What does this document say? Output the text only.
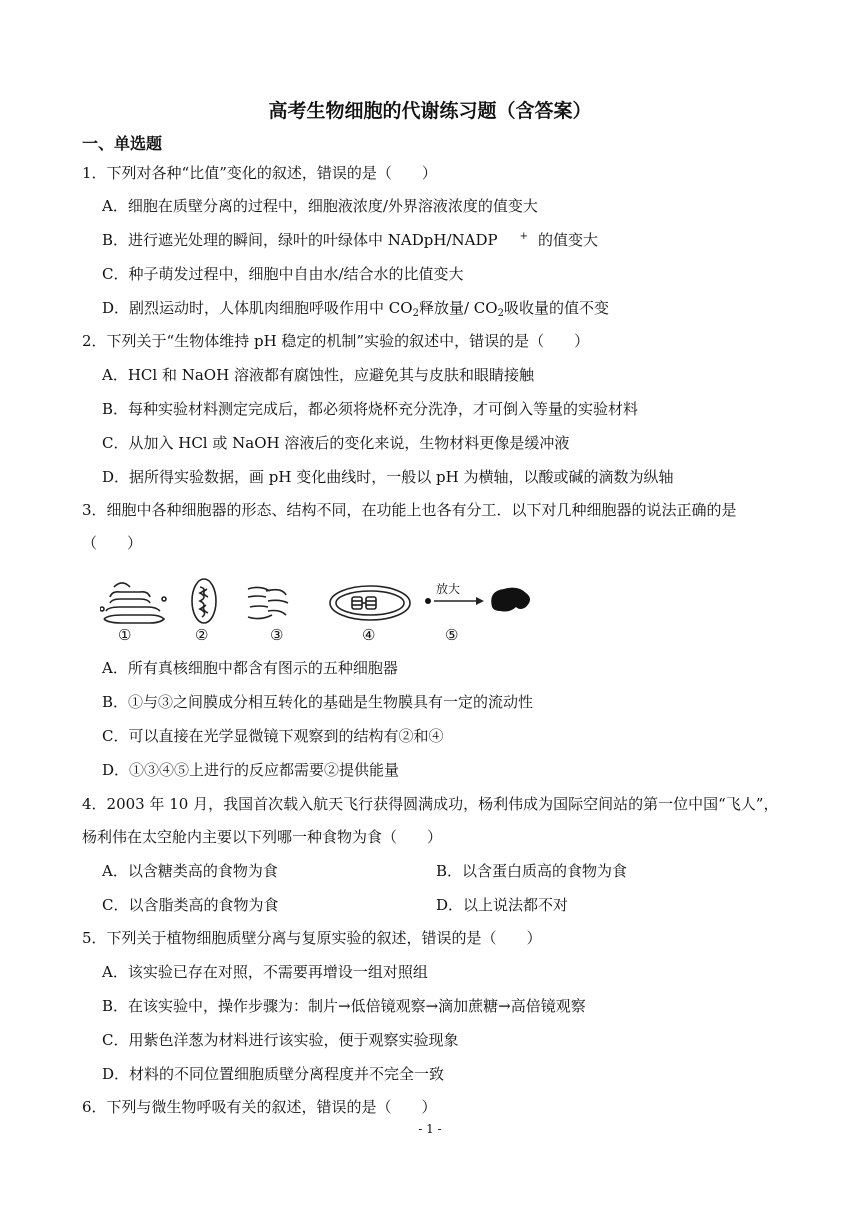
高考生物细胞的代谢练习题（含答案）
一、单选题
1．下列对各种“比值”变化的叙述，错误的是（　　）
A．细胞在质壁分离的过程中，细胞液浓度/外界溶液浓度的值变大
B．进行遮光处理的瞬间，绿叶的叶绿体中 NADpH/NADP + 的值变大
C．种子萌发过程中，细胞中自由水/结合水的比值变大
D．剧烈运动时，人体肌肉细胞呼吸作用中 $CO_2$释放量/ $CO_2$吸收量的值不变
2．下列关于“生物体维持 pH 稳定的机制”实验的叙述中，错误的是（　　）
A．HCl 和 NaOH 溶液都有腐蚀性，应避免其与皮肤和眼睛接触
B．每种实验材料测定完成后，都必须将烧杯充分洗净，才可倒入等量的实验材料
C．从加入 HCl 或 NaOH 溶液后的变化来说，生物材料更像是缓冲液
D．据所得实验数据，画 pH 变化曲线时，一般以 pH 为横轴，以酸或碱的滴数为纵轴
3．细胞中各种细胞器的形态、结构不同，在功能上也各有分工．以下对几种细胞器的说法正确的是
（　　）
放大
①	②	③	④	⑤
A．所有真核细胞中都含有图示的五种细胞器
B．①与③之间膜成分相互转化的基础是生物膜具有一定的流动性
C．可以直接在光学显微镜下观察到的结构有②和④
D．①③④⑤上进行的反应都需要②提供能量
4．2003 年 10 月，我国首次载入航天飞行获得圆满成功，杨利伟成为国际空间站的第一位中国“飞人”，
杨利伟在太空舱内主要以下列哪一种食物为食（　　）
A．以含糖类高的食物为食	B．以含蛋白质高的食物为食
C．以含脂类高的食物为食	D．以上说法都不对
5．下列关于植物细胞质壁分离与复原实验的叙述，错误的是（　　）
A．该实验已存在对照，不需要再增设一组对照组
B．在该实验中，操作步骤为：制片→低倍镜观察→滴加蔗糖→高倍镜观察
C．用紫色洋葱为材料进行该实验，便于观察实验现象
D．材料的不同位置细胞质壁分离程度并不完全一致
6．下列与微生物呼吸有关的叙述，错误的是（　　）
- 1 -
